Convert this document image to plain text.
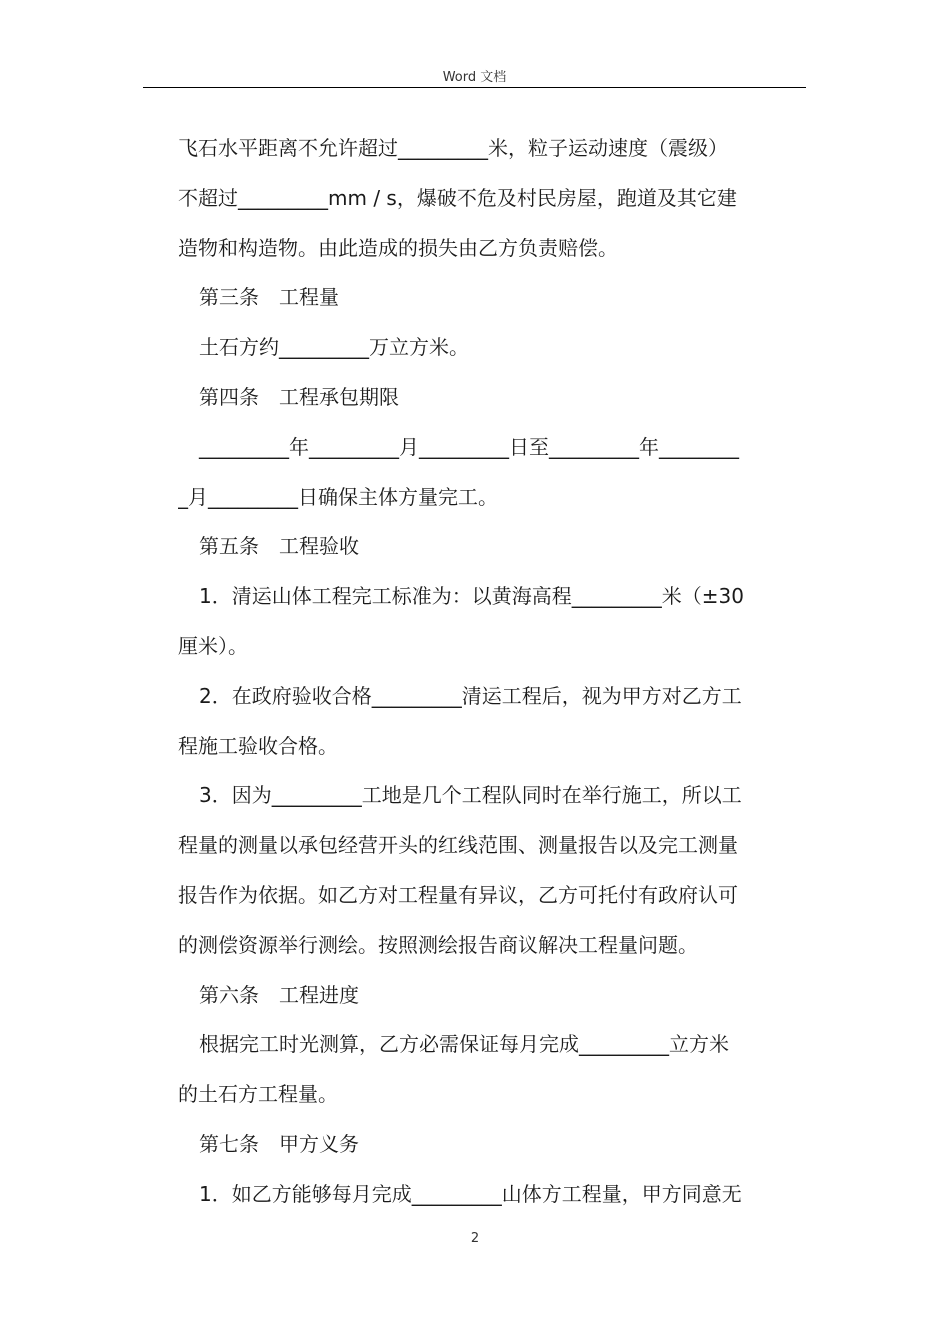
Word 文档
飞石水平距离不允许超过_________米，粒子运动速度（震级）
不超过_________mm / s，爆破不危及村民房屋，跑道及其它建
造物和构造物。由此造成的损失由乙方负责赔偿。
第三条　工程量
土石方约_________万立方米。
第四条　工程承包期限
_________年_________月_________日至_________年________
_月_________日确保主体方量完工。
第五条　工程验收
1．清运山体工程完工标准为：以黄海高程_________米（±30
厘米）。
2．在政府验收合格_________清运工程后，视为甲方对乙方工
程施工验收合格。
3．因为_________工地是几个工程队同时在举行施工，所以工
程量的测量以承包经营开头的红线范围、测量报告以及完工测量
报告作为依据。如乙方对工程量有异议，乙方可托付有政府认可
的测偿资源举行测绘。按照测绘报告商议解决工程量问题。
第六条　工程进度
根据完工时光测算，乙方必需保证每月完成_________立方米
的土石方工程量。
第七条　甲方义务
1．如乙方能够每月完成_________山体方工程量，甲方同意无
2
